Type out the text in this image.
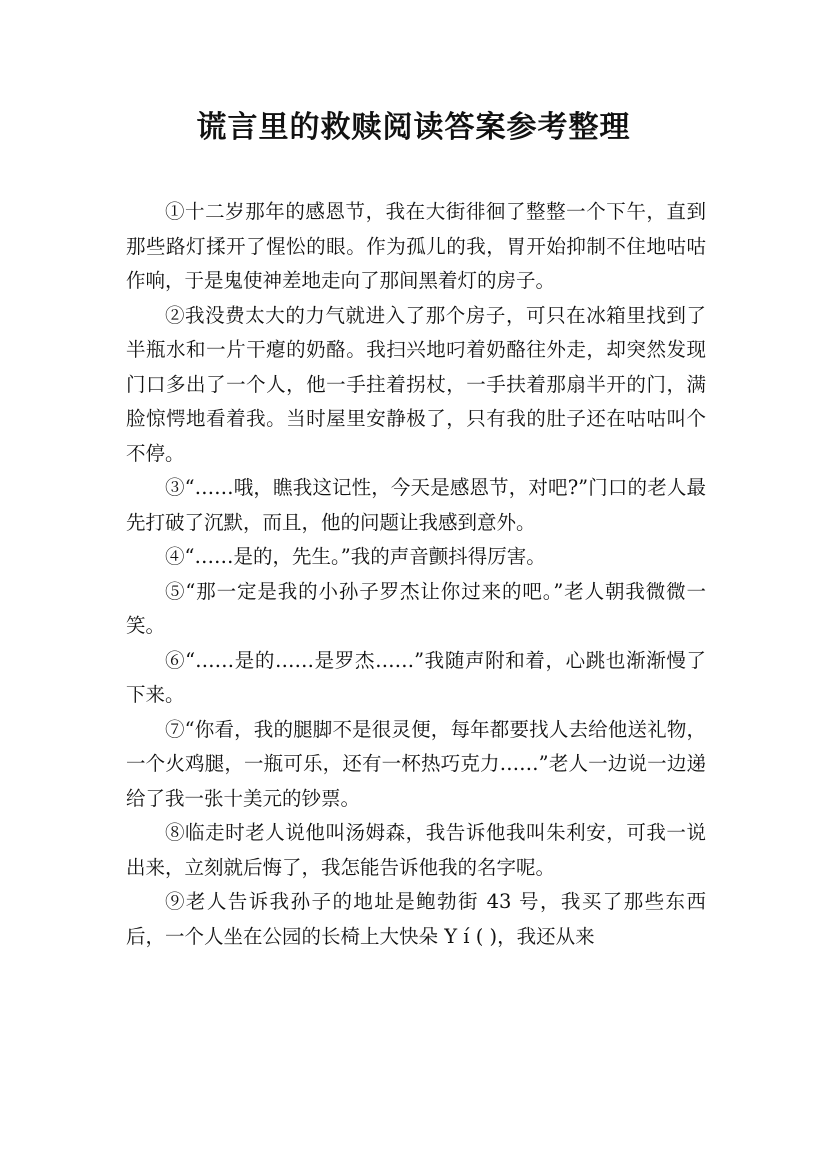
谎言里的救赎阅读答案参考整理

①十二岁那年的感恩节，我在大街徘徊了整整一个下午，直到那些路灯揉开了惺忪的眼。作为孤儿的我，胃开始抑制不住地咕咕作响，于是鬼使神差地走向了那间黑着灯的房子。

②我没费太大的力气就进入了那个房子，可只在冰箱里找到了半瓶水和一片干瘪的奶酪。我扫兴地叼着奶酪往外走，却突然发现门口多出了一个人，他一手拄着拐杖，一手扶着那扇半开的门，满脸惊愕地看着我。当时屋里安静极了，只有我的肚子还在咕咕叫个不停。

③“……哦，瞧我这记性，今天是感恩节，对吧?”门口的老人最先打破了沉默，而且，他的问题让我感到意外。

④“……是的，先生。”我的声音颤抖得厉害。

⑤“那一定是我的小孙子罗杰让你过来的吧。”老人朝我微微一笑。

⑥“……是的……是罗杰……”我随声附和着，心跳也渐渐慢了下来。

⑦“你看，我的腿脚不是很灵便，每年都要找人去给他送礼物，一个火鸡腿，一瓶可乐，还有一杯热巧克力……”老人一边说一边递给了我一张十美元的钞票。

⑧临走时老人说他叫汤姆森，我告诉他我叫朱利安，可我一说出来，立刻就后悔了，我怎能告诉他我的名字呢。

⑨老人告诉我孙子的地址是鲍勃街 43 号，我买了那些东西后，一个人坐在公园的长椅上大快朵 Y í ( )，我还从来
